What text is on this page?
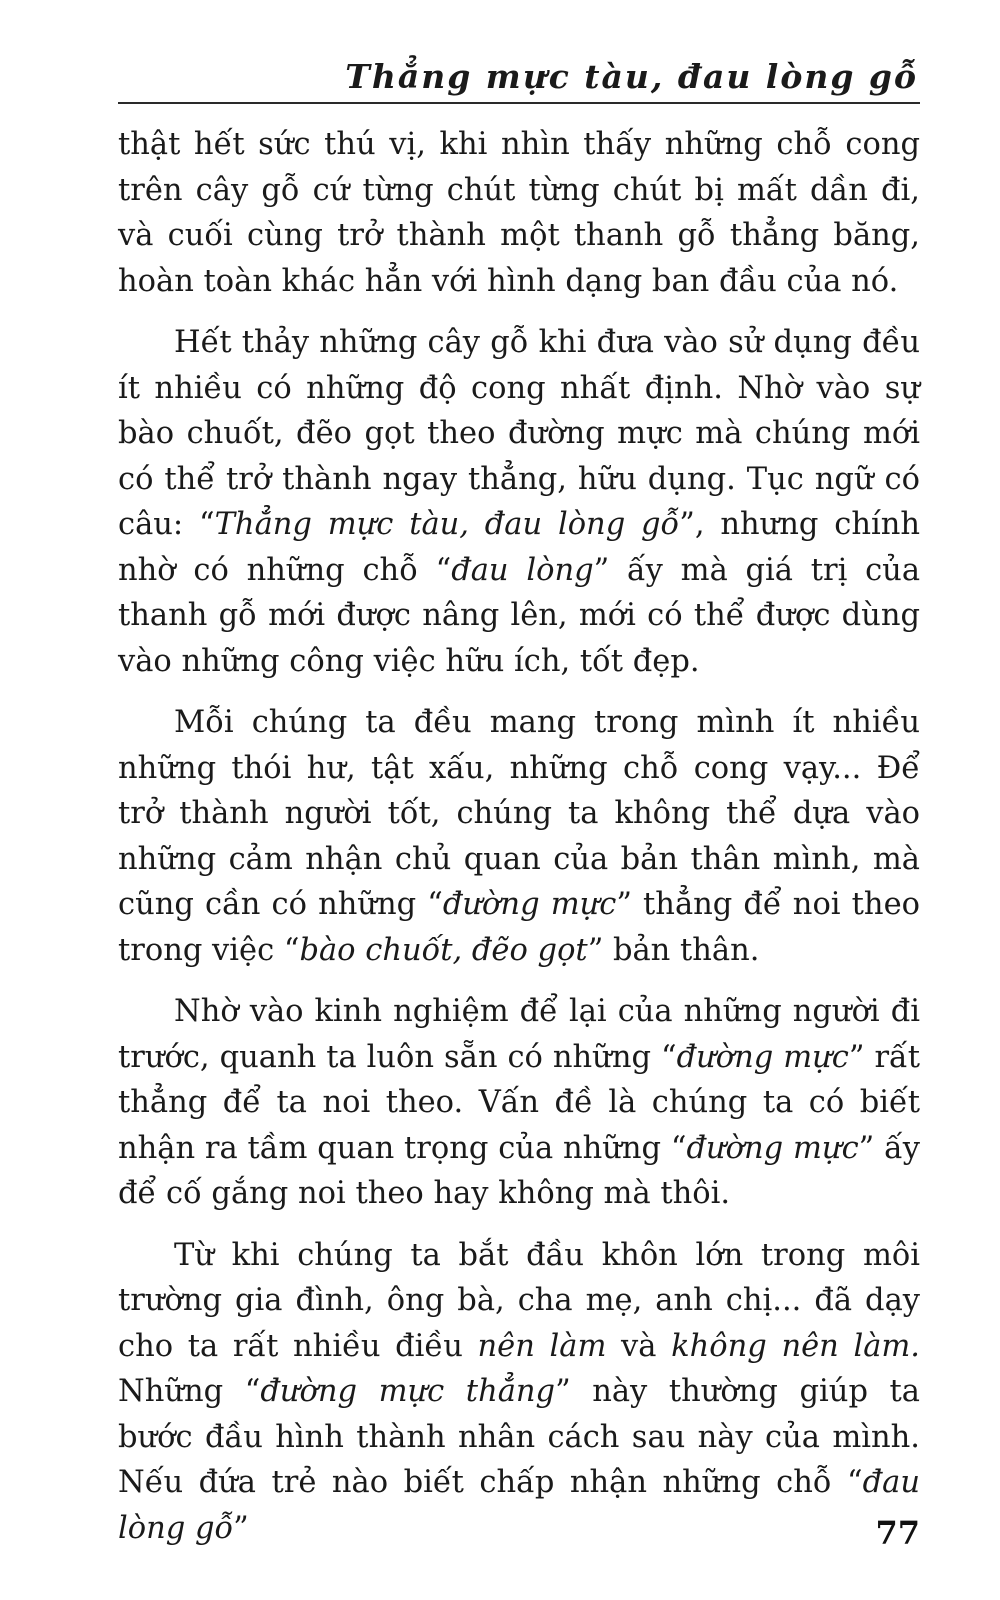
Thẳng mực tàu, đau lòng gỗ

thật hết sức thú vị, khi nhìn thấy những chỗ cong trên cây gỗ cứ từng chút từng chút bị mất dần đi, và cuối cùng trở thành một thanh gỗ thẳng băng, hoàn toàn khác hẳn với hình dạng ban đầu của nó.

Hết thảy những cây gỗ khi đưa vào sử dụng đều ít nhiều có những độ cong nhất định. Nhờ vào sự bào chuốt, đẽo gọt theo đường mực mà chúng mới có thể trở thành ngay thẳng, hữu dụng. Tục ngữ có câu: “Thẳng mực tàu, đau lòng gỗ”, nhưng chính nhờ có những chỗ “đau lòng” ấy mà giá trị của thanh gỗ mới được nâng lên, mới có thể được dùng vào những công việc hữu ích, tốt đẹp.

Mỗi chúng ta đều mang trong mình ít nhiều những thói hư, tật xấu, những chỗ cong vạy... Để trở thành người tốt, chúng ta không thể dựa vào những cảm nhận chủ quan của bản thân mình, mà cũng cần có những “đường mực” thẳng để noi theo trong việc “bào chuốt, đẽo gọt” bản thân.

Nhờ vào kinh nghiệm để lại của những người đi trước, quanh ta luôn sẵn có những “đường mực” rất thẳng để ta noi theo. Vấn đề là chúng ta có biết nhận ra tầm quan trọng của những “đường mực” ấy để cố gắng noi theo hay không mà thôi.

Từ khi chúng ta bắt đầu khôn lớn trong môi trường gia đình, ông bà, cha mẹ, anh chị... đã dạy cho ta rất nhiều điều nên làm và không nên làm. Những “đường mực thẳng” này thường giúp ta bước đầu hình thành nhân cách sau này của mình. Nếu đứa trẻ nào biết chấp nhận những chỗ “đau lòng gỗ”	77
